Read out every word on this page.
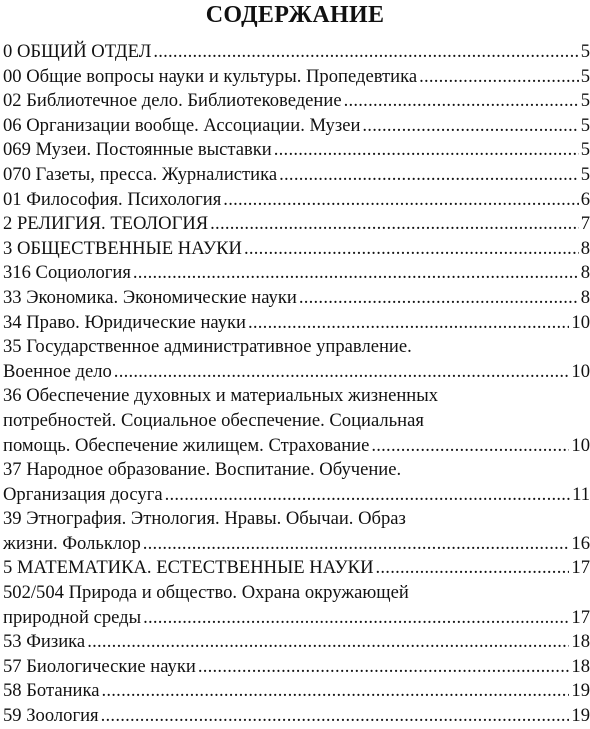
СОДЕРЖАНИЕ
0 ОБЩИЙ ОТДЕЛ . . .	5
00 Общие вопросы науки и культуры. Пропедевтика . . .	5
02 Библиотечное дело. Библиотековедение . . .	5
06 Организации вообще. Ассоциации. Музеи . . .	5
069 Музеи. Постоянные выставки . . .	5
070 Газеты, пресса. Журналистика . . .	5
01 Философия. Психология . . .	6
2 РЕЛИГИЯ. ТЕОЛОГИЯ . . .	7
3 ОБЩЕСТВЕННЫЕ НАУКИ . . .	8
316 Социология . . .	8
33 Экономика. Экономические науки . . .	8
34 Право. Юридические науки . . .	10
35 Государственное административное управление.
Военное дело . . .	10
36 Обеспечение духовных и материальных жизненных
потребностей. Социальное обеспечение. Социальная
помощь. Обеспечение жилищем. Страхование . . .	10
37 Народное образование. Воспитание. Обучение.
Организация досуга . . .	11
39 Этнография. Этнология. Нравы. Обычаи. Образ
жизни. Фольклор . . .	16
5 МАТЕМАТИКА. ЕСТЕСТВЕННЫЕ НАУКИ . . .	17
502/504 Природа и общество. Охрана окружающей
природной среды . . .	17
53 Физика . . .	18
57 Биологические науки . . .	18
58 Ботаника . . .	19
59 Зоология . . .	19
